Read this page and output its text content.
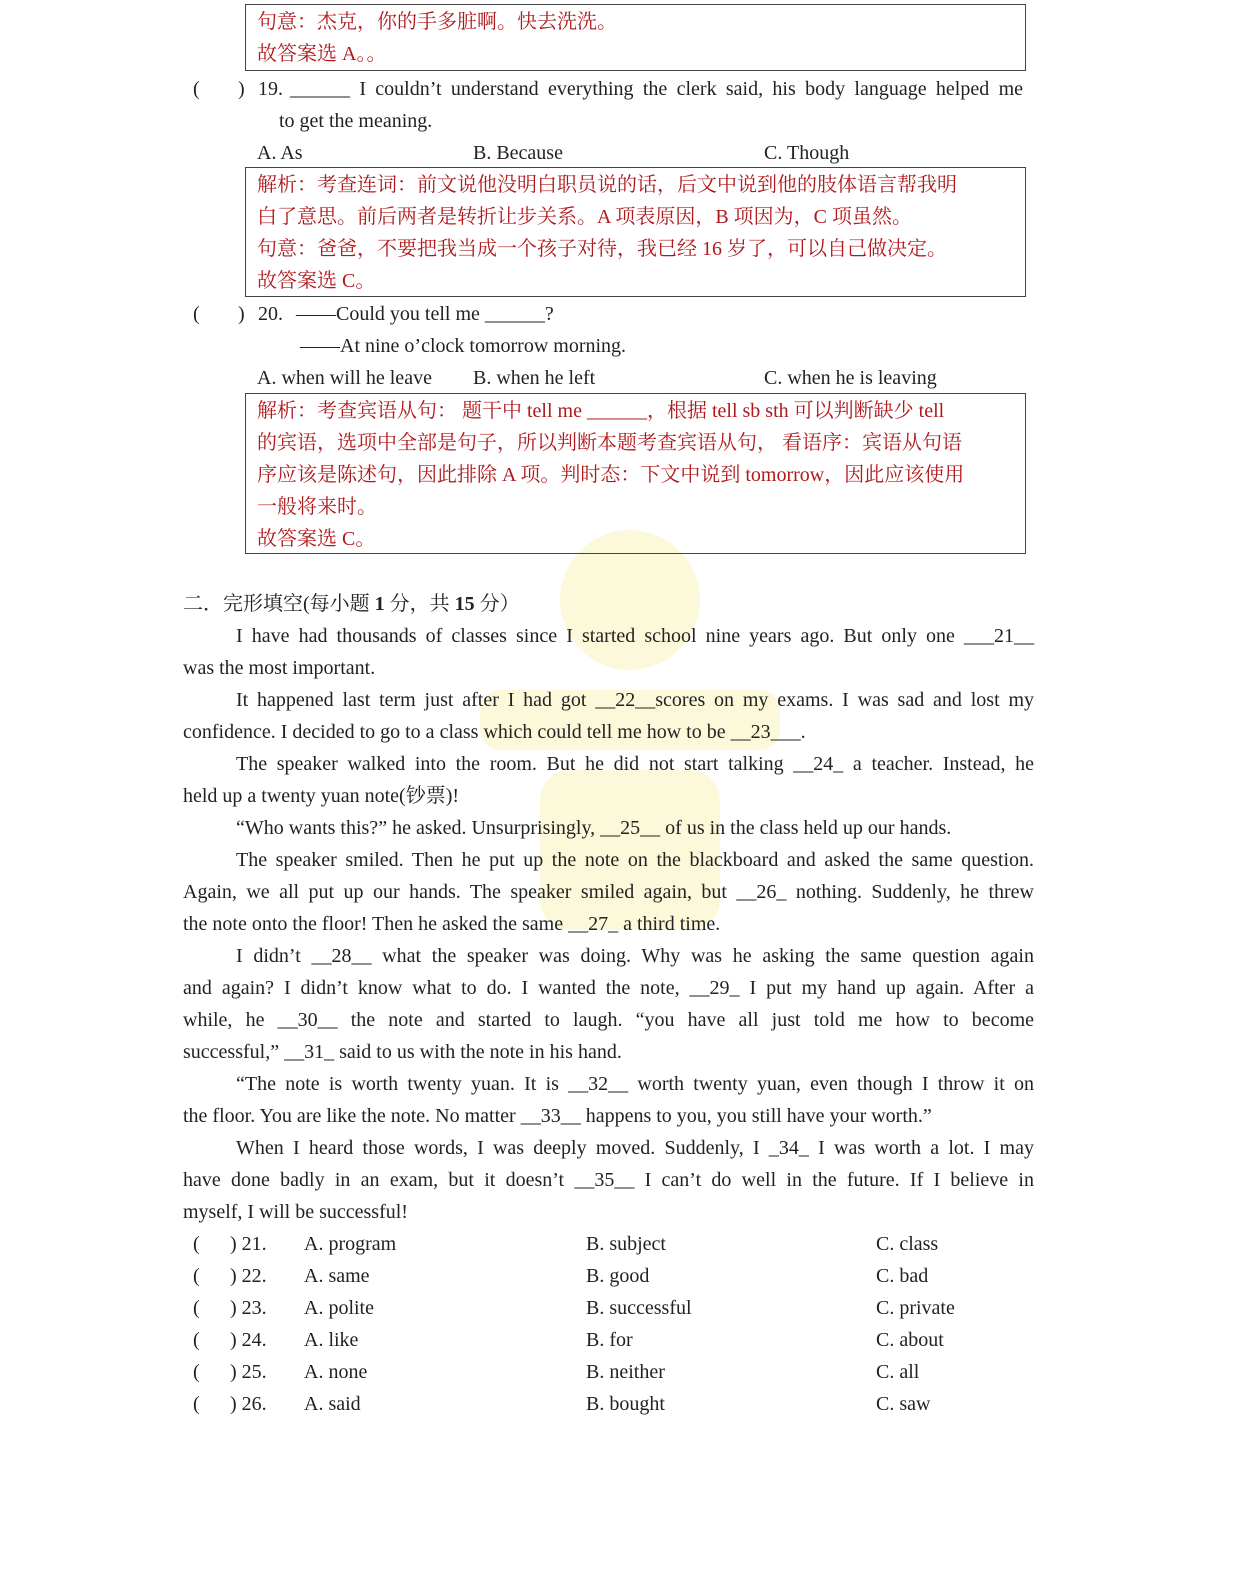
句意：杰克，你的手多脏啊。快去洗洗。
故答案选 A。。
( ) 19. ______ I couldn’t understand everything the clerk said, his body language helped me
to get the meaning.
A. As	B. Because	C. Though
解析：考查连词：前文说他没明白职员说的话，后文中说到他的肢体语言帮我明
白了意思。前后两者是转折让步关系。A 项表原因，B 项因为，C 项虽然。
句意：爸爸，不要把我当成一个孩子对待，我已经 16 岁了，可以自己做决定。
故答案选 C。
( ) 20. ——Could you tell me ______?
——At nine o’clock tomorrow morning.
A. when will he leave B. when he left	C. when he is leaving
解析：考查宾语从句： 题干中 tell me ______，根据 tell sb sth 可以判断缺少 tell
的宾语，选项中全部是句子，所以判断本题考查宾语从句， 看语序：宾语从句语
序应该是陈述句，因此排除 A 项。判时态：下文中说到 tomorrow，因此应该使用
一般将来时。
故答案选 C。
二．完形填空(每小题 1 分，共 15 分）
I have had thousands of classes since I started school nine years ago. But only one ___21__
was the most important.
It happened last term just after I had got __22__scores on my exams. I was sad and lost my
confidence. I decided to go to a class which could tell me how to be __23___.
The speaker walked into the room. But he did not start talking __24_ a teacher. Instead, he
held up a twenty yuan note(钞票)!
“Who wants this?” he asked. Unsurprisingly, __25__ of us in the class held up our hands.
The speaker smiled. Then he put up the note on the blackboard and asked the same question.
Again, we all put up our hands. The speaker smiled again, but __26_ nothing. Suddenly, he threw
the note onto the floor! Then he asked the same __27_ a third time.
I didn’t __28__ what the speaker was doing. Why was he asking the same question again
and again? I didn’t know what to do. I wanted the note, __29_ I put my hand up again. After a
while, he __30__ the note and started to laugh. “you have all just told me how to become
successful,” __31_ said to us with the note in his hand.
“The note is worth twenty yuan. It is __32__ worth twenty yuan, even though I throw it on
the floor. You are like the note. No matter __33__ happens to you, you still have your worth.”
When I heard those words, I was deeply moved. Suddenly, I _34_ I was worth a lot. I may
have done badly in an exam, but it doesn’t __35__ I can’t do well in the future. If I believe in
myself, I will be successful!
( ) 21. A. program	B. subject	C. class
( ) 22. A. same	B. good	C. bad
( ) 23. A. polite	B. successful	C. private
( ) 24. A. like	B. for	C. about
( ) 25. A. none	B. neither	C. all
( ) 26. A. said	B. bought	C. saw
